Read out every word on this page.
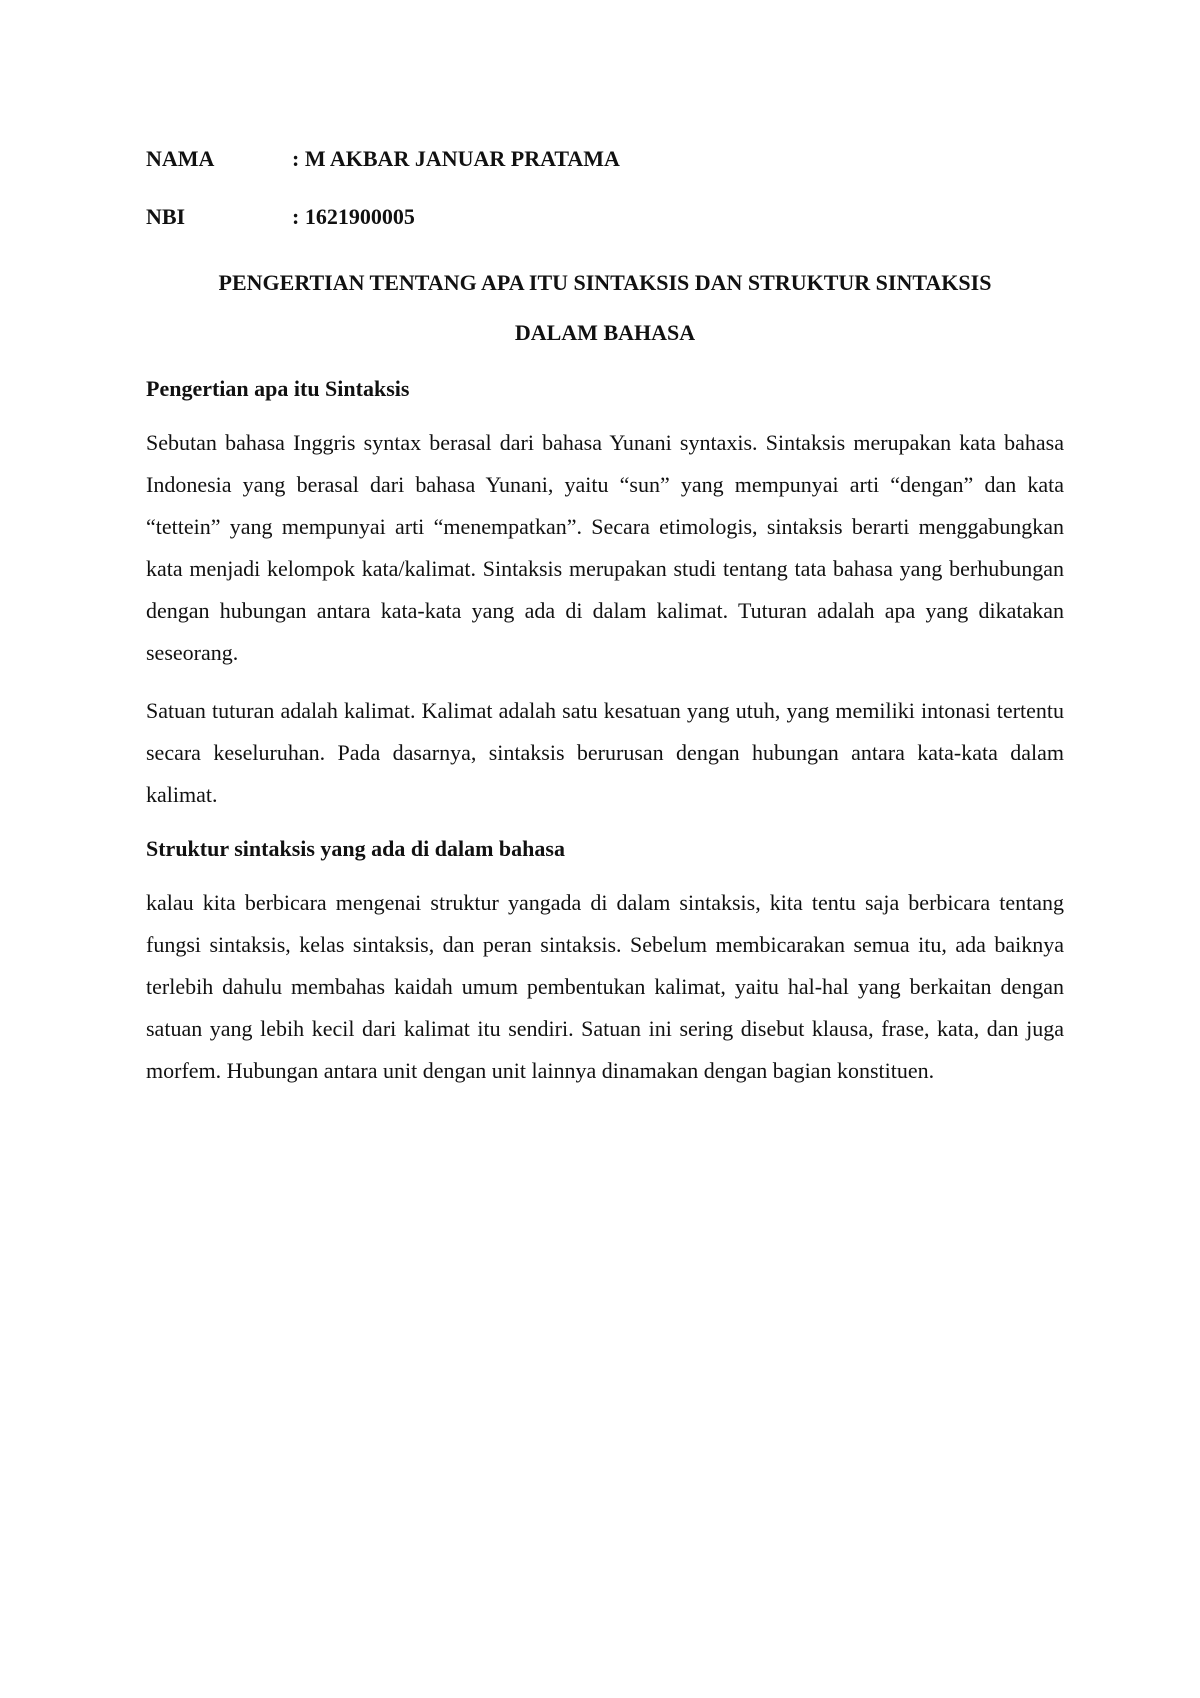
NAMA	: M AKBAR JANUAR PRATAMA
NBI	: 1621900005
PENGERTIAN TENTANG APA ITU SINTAKSIS DAN STRUKTUR SINTAKSIS
DALAM BAHASA
Pengertian apa itu Sintaksis

Sebutan bahasa Inggris syntax berasal dari bahasa Yunani syntaxis. Sintaksis merupakan kata bahasa Indonesia yang berasal dari bahasa Yunani, yaitu “sun” yang mempunyai arti “dengan” dan kata “tettein” yang mempunyai arti “menempatkan”. Secara etimologis, sintaksis berarti menggabungkan kata menjadi kelompok kata/kalimat. Sintaksis merupakan studi tentang tata bahasa yang berhubungan dengan hubungan antara kata-kata yang ada di dalam kalimat. Tuturan adalah apa yang dikatakan seseorang.

Satuan tuturan adalah kalimat. Kalimat adalah satu kesatuan yang utuh, yang memiliki intonasi tertentu secara keseluruhan. Pada dasarnya, sintaksis berurusan dengan hubungan antara kata-kata dalam kalimat.

Struktur sintaksis yang ada di dalam bahasa

kalau kita berbicara mengenai struktur yangada di dalam sintaksis, kita tentu saja berbicara tentang fungsi sintaksis, kelas sintaksis, dan peran sintaksis. Sebelum membicarakan semua itu, ada baiknya terlebih dahulu membahas kaidah umum pembentukan kalimat, yaitu hal-hal yang berkaitan dengan satuan yang lebih kecil dari kalimat itu sendiri. Satuan ini sering disebut klausa, frase, kata, dan juga morfem. Hubungan antara unit dengan unit lainnya dinamakan dengan bagian konstituen.
